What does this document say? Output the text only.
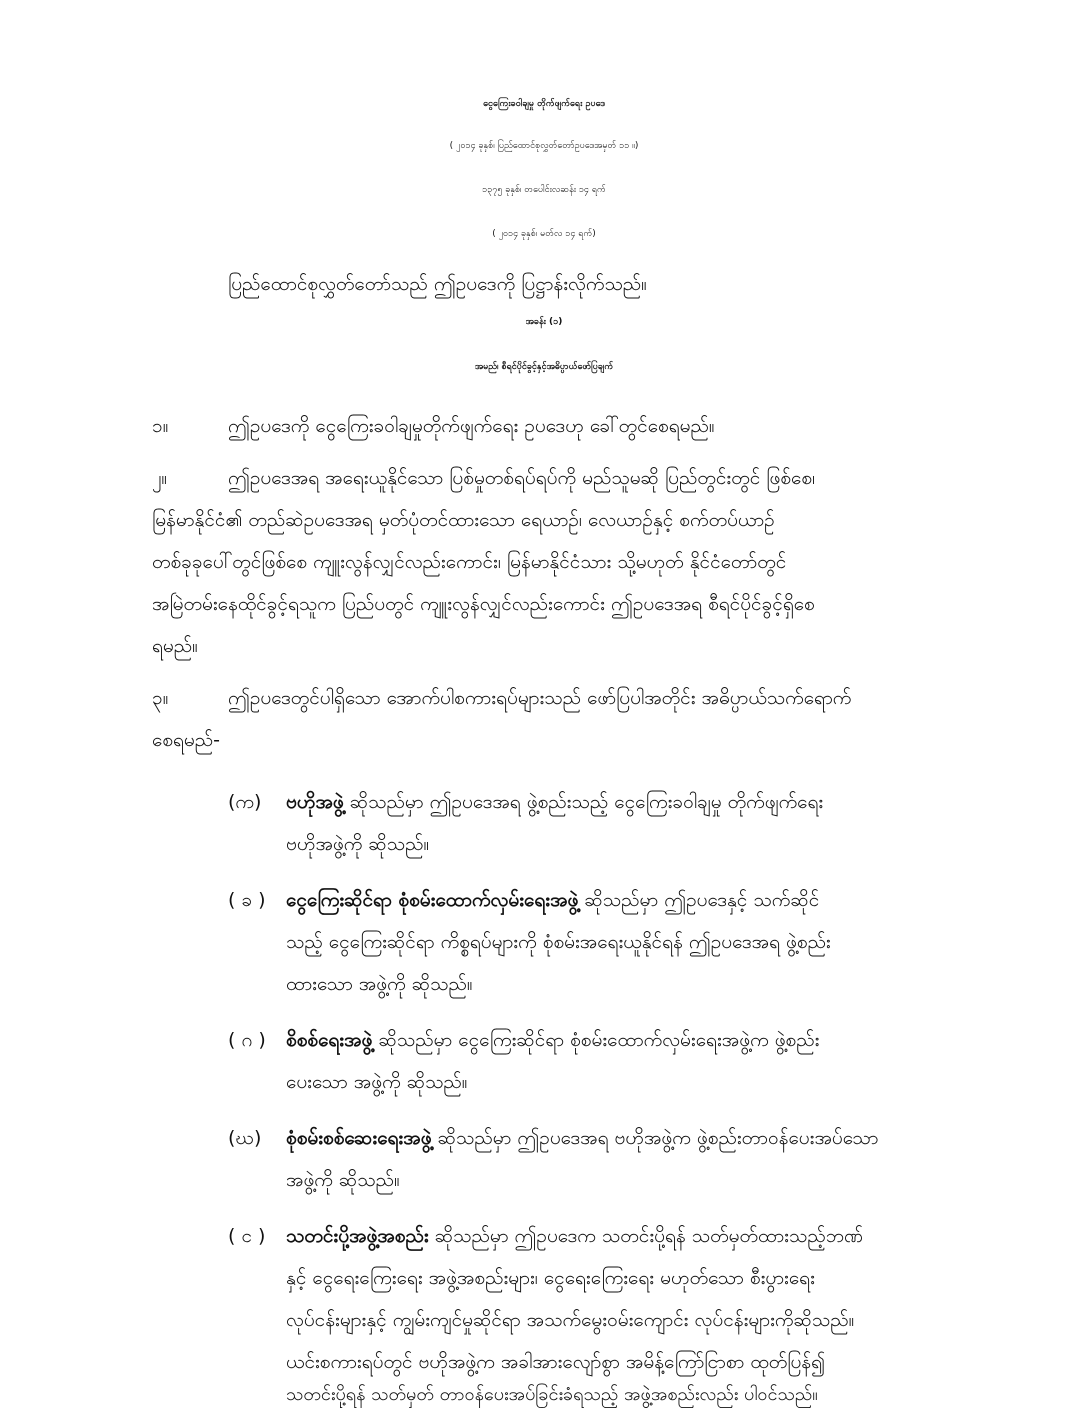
ငွေကြေးခဝါချမှု တိုက်ဖျက်ရေး ဥပဒေ
( ၂၀၁၄ ခုနှစ်၊ ပြည်ထောင်စုလွှတ်တော်ဥပဒေအမှတ် ၁၁ ။)
၁၃၇၅ ခုနှစ်၊ တပေါင်းလဆန်း ၁၄ ရက်
( ၂၀၁၄ ခုနှစ်၊ မတ်လ ၁၄ ရက်)
ပြည်ထောင်စုလွှတ်တော်သည် ဤဥပဒေကို ပြဋ္ဌာန်းလိုက်သည်။
အခန်း (၁)
အမည်၊ စီရင်ပိုင်ခွင့်နှင့်အဓိပ္ပာယ်ဖော်ပြချက်
၁။	ဤဥပဒေကို ငွေကြေးခဝါချမှုတိုက်ဖျက်ရေး ဥပဒေဟု ခေါ်တွင်စေရမည်။
၂။	ဤဥပဒေအရ အရေးယူနိုင်သော ပြစ်မှုတစ်ရပ်ရပ်ကို မည်သူမဆို ပြည်တွင်းတွင် ဖြစ်စေ၊
မြန်မာနိုင်ငံ၏ တည်ဆဲဥပဒေအရ မှတ်ပုံတင်ထားသော ရေယာဉ်၊ လေယာဉ်နှင့် စက်တပ်ယာဉ်
တစ်ခုခုပေါ်တွင်ဖြစ်စေ ကျူးလွန်လျှင်လည်းကောင်း၊ မြန်မာနိုင်ငံသား သို့မဟုတ် နိုင်ငံတော်တွင်
အမြဲတမ်းနေထိုင်ခွင့်ရသူက ပြည်ပတွင် ကျူးလွန်လျှင်လည်းကောင်း ဤဥပဒေအရ စီရင်ပိုင်ခွင့်ရှိစေ
ရမည်။
၃။	ဤဥပဒေတွင်ပါရှိသော အောက်ပါစကားရပ်များသည် ဖော်ပြပါအတိုင်း အဓိပ္ပာယ်သက်ရောက်
စေရမည်-
(က) ဗဟိုအဖွဲ့ ဆိုသည်မှာ ဤဥပဒေအရ ဖွဲ့စည်းသည့် ငွေကြေးခဝါချမှု တိုက်ဖျက်ရေး
ဗဟိုအဖွဲ့ကို ဆိုသည်။
( ခ ) ငွေကြေးဆိုင်ရာ စုံစမ်းထောက်လှမ်းရေးအဖွဲ့ ဆိုသည်မှာ ဤဥပဒေနှင့် သက်ဆိုင်
သည့် ငွေကြေးဆိုင်ရာ ကိစ္စရပ်များကို စုံစမ်းအရေးယူနိုင်ရန် ဤဥပဒေအရ ဖွဲ့စည်း
ထားသော အဖွဲ့ကို ဆိုသည်။
( ဂ ) စိစစ်ရေးအဖွဲ့ ဆိုသည်မှာ ငွေကြေးဆိုင်ရာ စုံစမ်းထောက်လှမ်းရေးအဖွဲ့က ဖွဲ့စည်း
ပေးသော အဖွဲ့ကို ဆိုသည်။
(ဃ) စုံစမ်းစစ်ဆေးရေးအဖွဲ့ ဆိုသည်မှာ ဤဥပဒေအရ ဗဟိုအဖွဲ့က ဖွဲ့စည်းတာဝန်ပေးအပ်သော
အဖွဲ့ကို ဆိုသည်။
( င ) သတင်းပို့အဖွဲ့အစည်း ဆိုသည်မှာ ဤဥပဒေက သတင်းပို့ရန် သတ်မှတ်ထားသည့်ဘဏ်
နှင့် ငွေရေးကြေးရေး အဖွဲ့အစည်းများ၊ ငွေရေးကြေးရေး မဟုတ်သော စီးပွားရေး
လုပ်ငန်းများနှင့် ကျွမ်းကျင်မှုဆိုင်ရာ အသက်မွေးဝမ်းကျောင်း လုပ်ငန်းများကိုဆိုသည်။
ယင်းစကားရပ်တွင် ဗဟိုအဖွဲ့က အခါအားလျော်စွာ အမိန့်ကြော်ငြာစာ ထုတ်ပြန်၍
သတင်းပို့ရန် သတ်မှတ် တာဝန်ပေးအပ်ခြင်းခံရသည့် အဖွဲ့အစည်းလည်း ပါဝင်သည်။
